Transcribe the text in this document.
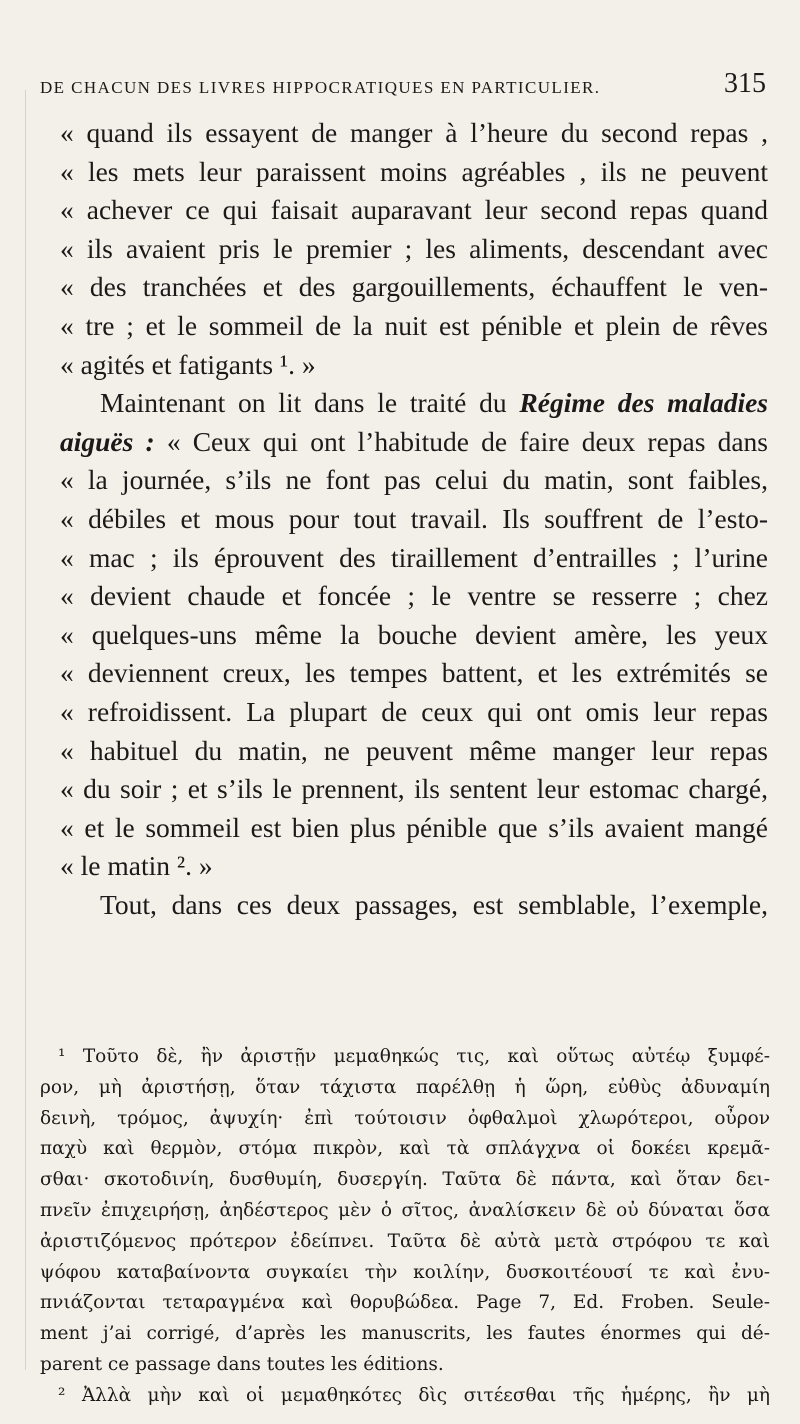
DE CHACUN DES LIVRES HIPPOCRATIQUES EN PARTICULIER.	315
« quand ils essayent de manger à l’heure du second repas ,
« les mets leur paraissent moins agréables , ils ne peuvent
« achever ce qui faisait auparavant leur second repas quand
« ils avaient pris le premier ; les aliments, descendant avec
« des tranchées et des gargouillements, échauffent le ven-
« tre ; et le sommeil de la nuit est pénible et plein de rêves
« agités et fatigants ¹. »
Maintenant on lit dans le traité du Régime des maladies
aiguës : « Ceux qui ont l’habitude de faire deux repas dans
« la journée, s’ils ne font pas celui du matin, sont faibles,
« débiles et mous pour tout travail. Ils souffrent de l’esto-
« mac ; ils éprouvent des tiraillement d’entrailles ; l’urine
« devient chaude et foncée ; le ventre se resserre ; chez
« quelques-uns même la bouche devient amère, les yeux
« deviennent creux, les tempes battent, et les extrémités se
« refroidissent. La plupart de ceux qui ont omis leur repas
« habituel du matin, ne peuvent même manger leur repas
« du soir ; et s’ils le prennent, ils sentent leur estomac chargé,
« et le sommeil est bien plus pénible que s’ils avaient mangé
« le matin ². »
Tout, dans ces deux passages, est semblable, l’exemple,
¹ Τοῦτο δὲ, ἢν ἀριστῇν μεμαθηκώς τις, καὶ οὕτως αὐτέῳ ξυμφέ-
ρον, μὴ ἀριστήσῃ, ὅταν τάχιστα παρέλθῃ ἡ ὥρη, εὐθὺς ἀδυναμίη
δεινὴ, τρόμος, ἀψυχίη· ἐπὶ τούτοισιν ὀφθαλμοὶ χλωρότεροι, οὖρον
παχὺ καὶ θερμὸν, στόμα πικρὸν, καὶ τὰ σπλάγχνα οἱ δοκέει κρεμᾶ-
σθαι· σκοτοδινίη, δυσθυμίη, δυσεργίη. Ταῦτα δὲ πάντα, καὶ ὅταν δει-
πνεῖν ἐπιχειρήσῃ, ἀηδέστερος μὲν ὁ σῖτος, ἀναλίσκειν δὲ οὐ δύναται ὅσα
ἀριστιζόμενος πρότερον ἐδείπνει. Ταῦτα δὲ αὐτὰ μετὰ στρόφου τε καὶ
ψόφου καταβαίνοντα συγκαίει τὴν κοιλίην, δυσκοιτέουσί τε καὶ ἐνυ-
πνιάζονται τεταραγμένα καὶ θορυβώδεα. Page 7, Ed. Froben. Seule-
ment j’ai corrigé, d’après les manuscrits, les fautes énormes qui dé-
parent ce passage dans toutes les éditions.
² Ἀλλὰ μὴν καὶ οἱ μεμαθηκότες δὶς σιτέεσθαι τῆς ἡμέρης, ἢν μὴ
